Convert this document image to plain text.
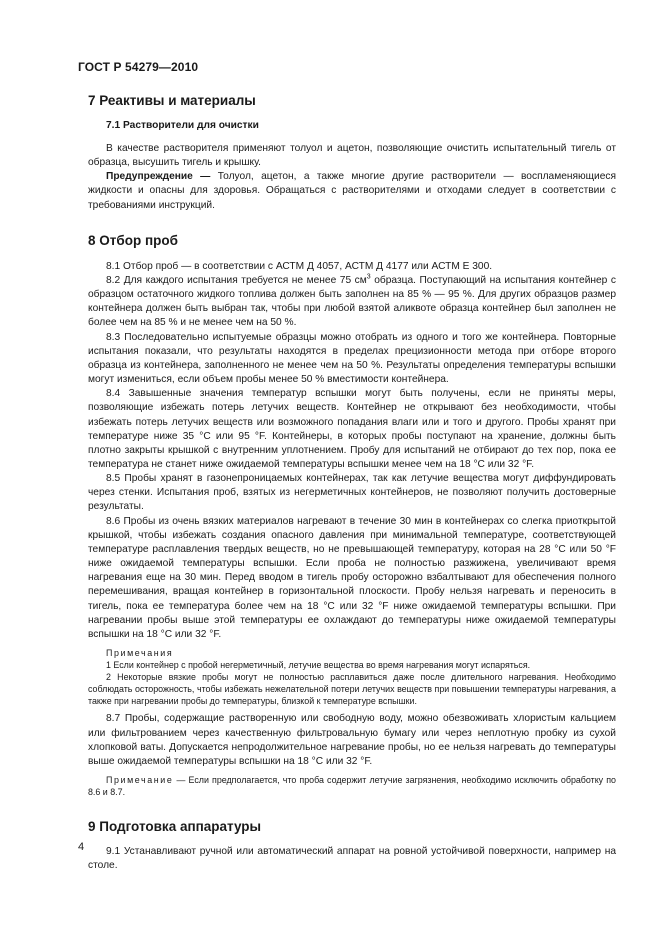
ГОСТ Р 54279—2010
7 Реактивы и материалы
7.1 Растворители для очистки

В качестве растворителя применяют толуол и ацетон, позволяющие очистить испытательный тигель от образца, высушить тигель и крышку.

Предупреждение — Толуол, ацетон, а также многие другие растворители — воспламеняющиеся жидкости и опасны для здоровья. Обращаться с растворителями и отходами следует в соответствии с требованиями инструкций.

8 Отбор проб

8.1 Отбор проб — в соответствии с АСТМ Д 4057, АСТМ Д 4177 или АСТМ Е 300.

8.2 Для каждого испытания требуется не менее 75 $см^3$ образца. Поступающий на испытания контейнер с образцом остаточного жидкого топлива должен быть заполнен на 85 % — 95 %. Для других образцов размер контейнера должен быть выбран так, чтобы при любой взятой аликвоте образца контейнер был заполнен не более чем на 85 % и не менее чем на 50 %.

8.3 Последовательно испытуемые образцы можно отобрать из одного и того же контейнера. Повторные испытания показали, что результаты находятся в пределах прецизионности метода при отборе второго образца из контейнера, заполненного не менее чем на 50 %. Результаты определения температуры вспышки могут измениться, если объем пробы менее 50 % вместимости контейнера.

8.4 Завышенные значения температур вспышки могут быть получены, если не приняты меры, позволяющие избежать потерь летучих веществ. Контейнер не открывают без необходимости, чтобы избежать потерь летучих веществ или возможного попадания влаги или и того и другого. Пробы хранят при температуре ниже 35 °С или 95 °F. Контейнеры, в которых пробы поступают на хранение, должны быть плотно закрыты крышкой с внутренним уплотнением. Пробу для испытаний не отбирают до тех пор, пока ее температура не станет ниже ожидаемой температуры вспышки менее чем на 18 °С или 32 °F.

8.5 Пробы хранят в газонепроницаемых контейнерах, так как летучие вещества могут диффундировать через стенки. Испытания проб, взятых из негерметичных контейнеров, не позволяют получить достоверные результаты.

8.6 Пробы из очень вязких материалов нагревают в течение 30 мин в контейнерах со слегка приоткрытой крышкой, чтобы избежать создания опасного давления при минимальной температуре, соответствующей температуре расплавления твердых веществ, но не превышающей температуру, которая на 28 °С или 50 °F ниже ожидаемой температуры вспышки. Если проба не полностью разжижена, увеличивают время нагревания еще на 30 мин. Перед вводом в тигель пробу осторожно взбалтывают для обеспечения полного перемешивания, вращая контейнер в горизонтальной плоскости. Пробу нельзя нагревать и переносить в тигель, пока ее температура более чем на 18 °С или 32 °F ниже ожидаемой температуры вспышки. При нагревании пробы выше этой температуры ее охлаждают до температуры ниже ожидаемой температуры вспышки на 18 °С или 32 °F.

Примечания

1 Если контейнер с пробой негерметичный, летучие вещества во время нагревания могут испаряться.

2 Некоторые вязкие пробы могут не полностью расплавиться даже после длительного нагревания. Необходимо соблюдать осторожность, чтобы избежать нежелательной потери летучих веществ при повышении температуры нагревания, а также при нагревании пробы до температуры, близкой к температуре вспышки.

8.7 Пробы, содержащие растворенную или свободную воду, можно обезвоживать хлористым кальцием или фильтрованием через качественную фильтровальную бумагу или через неплотную пробку из сухой хлопковой ваты. Допускается непродолжительное нагревание пробы, но ее нельзя нагревать до температуры выше ожидаемой температуры вспышки на 18 °С или 32 °F.

Примечание — Если предполагается, что проба содержит летучие загрязнения, необходимо исключить обработку по 8.6 и 8.7.

9 Подготовка аппаратуры

9.1 Устанавливают ручной или автоматический аппарат на ровной устойчивой поверхности, например на столе.

4
